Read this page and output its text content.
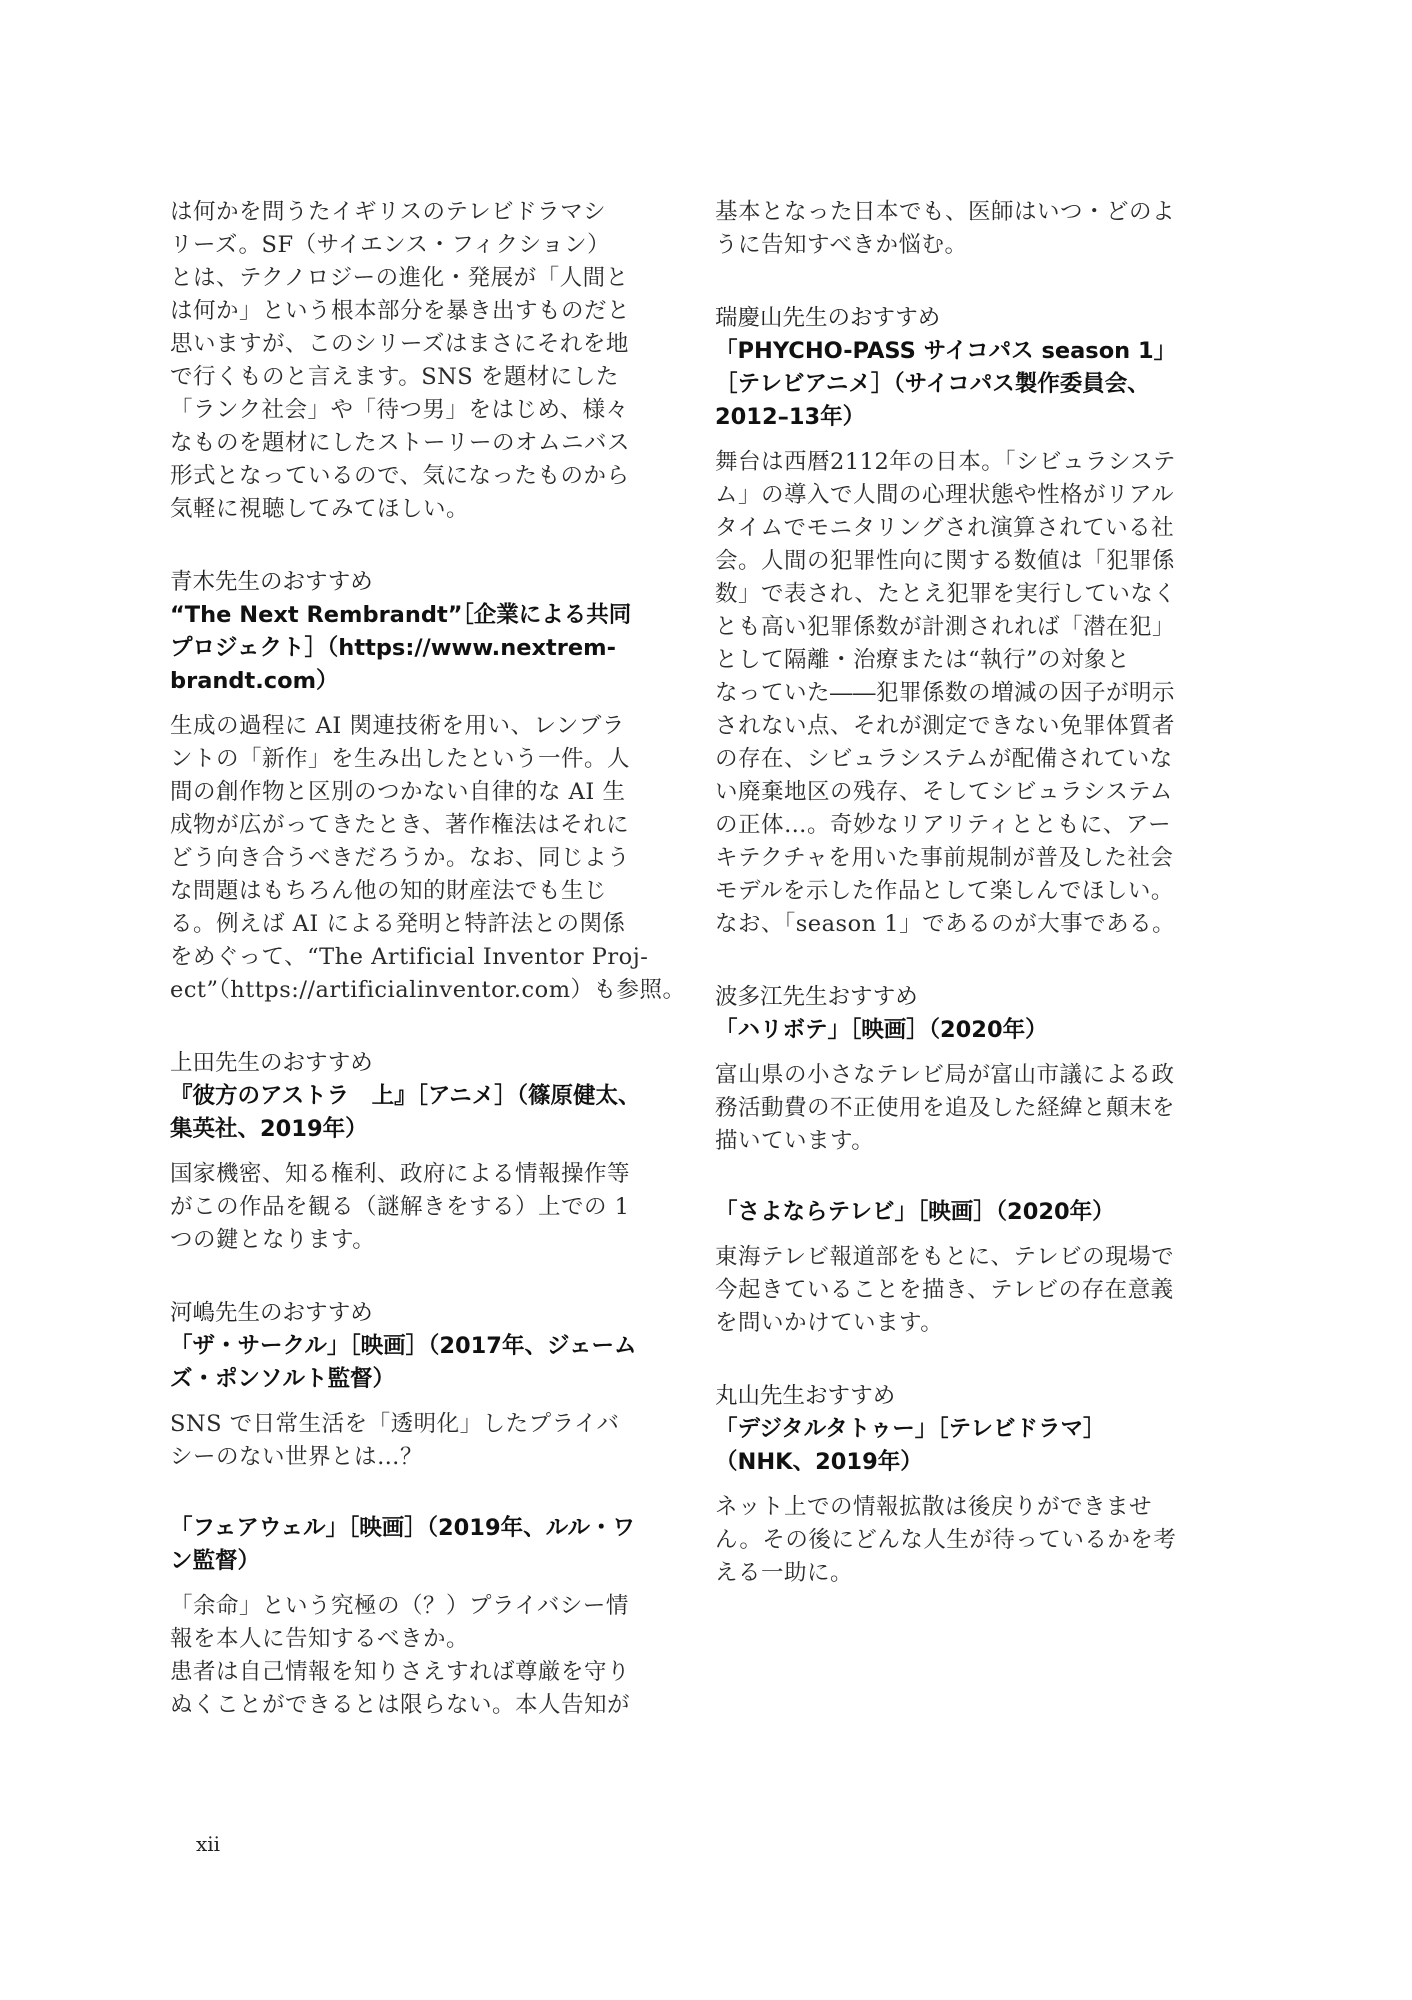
は何かを問うたイギリスのテレビドラマシ
リーズ。SF（サイエンス・フィクション）
とは、テクノロジーの進化・発展が「人間と
は何か」という根本部分を暴き出すものだと
思いますが、このシリーズはまさにそれを地
で行くものと言えます。SNS を題材にした
「ランク社会」や「待つ男」をはじめ、様々
なものを題材にしたストーリーのオムニバス
形式となっているので、気になったものから
気軽に視聴してみてほしい。
青木先生のおすすめ
“The Next Rembrandt”［企業による共同
プロジェクト］（https://www.nextrem-
brandt.com）
生成の過程に AI 関連技術を用い、レンブラ
ントの「新作」を生み出したという一件。人
間の創作物と区別のつかない自律的な AI 生
成物が広がってきたとき、著作権法はそれに
どう向き合うべきだろうか。なお、同じよう
な問題はもちろん他の知的財産法でも生じ
る。例えば AI による発明と特許法との関係
をめぐって、“The Artificial Inventor Proj-
ect”（https://artificialinventor.com）も参照。
上田先生のおすすめ
『彼方のアストラ　上』［アニメ］（篠原健太、
集英社、2019年）
国家機密、知る権利、政府による情報操作等
がこの作品を観る（謎解きをする）上での 1
つの鍵となります。
河嶋先生のおすすめ
「ザ・サークル」［映画］（2017年、ジェーム
ズ・ポンソルト監督）
SNS で日常生活を「透明化」したプライバ
シーのない世界とは…？
「フェアウェル」［映画］（2019年、ルル・ワ
ン監督）
「余命」という究極の（？）プライバシー情
報を本人に告知するべきか。
患者は自己情報を知りさえすれば尊厳を守り
ぬくことができるとは限らない。本人告知が
基本となった日本でも、医師はいつ・どのよ
うに告知すべきか悩む。
瑞慶山先生のおすすめ
「PHYCHO-PASS サイコパス season 1」
［テレビアニメ］（サイコパス製作委員会、
2012–13年）
舞台は西暦2112年の日本。「シビュラシステ
ム」の導入で人間の心理状態や性格がリアル
タイムでモニタリングされ演算されている社
会。人間の犯罪性向に関する数値は「犯罪係
数」で表され、たとえ犯罪を実行していなく
とも高い犯罪係数が計測されれば「潜在犯」
として隔離・治療または“執行”の対象と
なっていた――犯罪係数の増減の因子が明示
されない点、それが測定できない免罪体質者
の存在、シビュラシステムが配備されていな
い廃棄地区の残存、そしてシビュラシステム
の正体…。奇妙なリアリティとともに、アー
キテクチャを用いた事前規制が普及した社会
モデルを示した作品として楽しんでほしい。
なお、「season 1」であるのが大事である。
波多江先生おすすめ
「ハリボテ」［映画］（2020年）
富山県の小さなテレビ局が富山市議による政
務活動費の不正使用を追及した経緯と顛末を
描いています。
「さよならテレビ」［映画］（2020年）
東海テレビ報道部をもとに、テレビの現場で
今起きていることを描き、テレビの存在意義
を問いかけています。
丸山先生おすすめ
「デジタルタトゥー」［テレビドラマ］
（NHK、2019年）
ネット上での情報拡散は後戻りができませ
ん。その後にどんな人生が待っているかを考
える一助に。
xii
